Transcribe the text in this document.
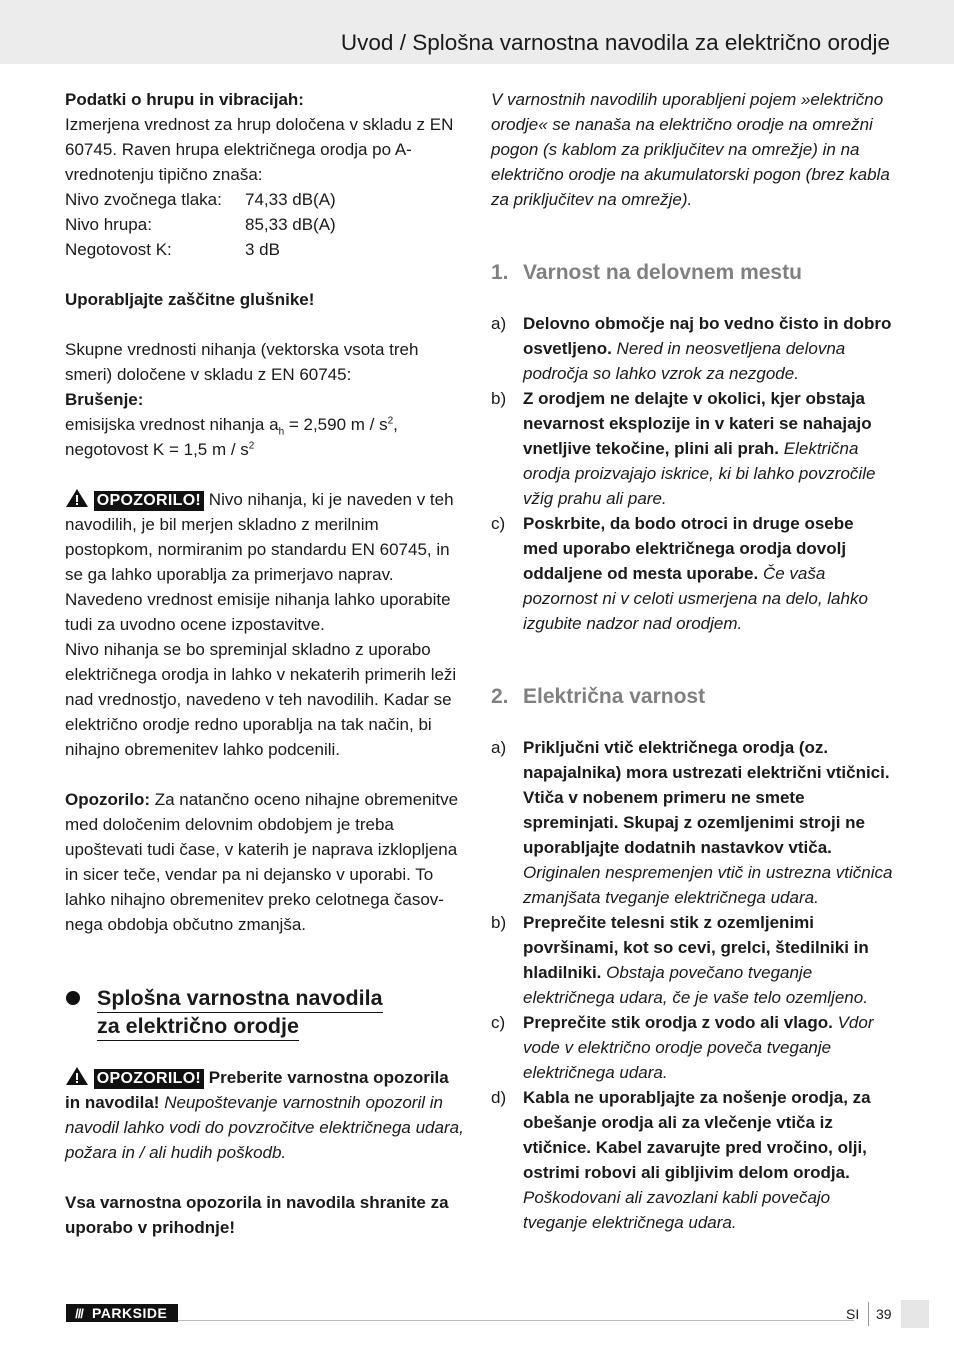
Uvod / Splošna varnostna navodila za električno orodje

Podatki o hrupu in vibracijah:

Izmerjena vrednost za hrup določena v skladu z EN 60745. Raven hrupa električnega orodja po A-vrednotenju tipično znaša:

Nivo zvočnega tlaka:	74,33 dB(A)
Nivo hrupa:	85,33 dB(A)
Negotovost K:	3 dB

Uporabljajte zaščitne glušnike!

Skupne vrednosti nihanja (vektorska vsota treh smeri) določene v skladu z EN 60745:

Brušenje:

emisijska vrednost nihanja $a_h = 2,590$ m / $s^2$,

negotovost K = 1,5 m / $s^2$

OPOZORILO! Nivo nihanja, ki je naveden v teh navodilih, je bil merjen skladno z merilnim postopkom, normiranim po standardu EN 60745, in se ga lahko uporablja za primerjavo naprav. Navedeno vrednost emisije nihanja lahko uporabite tudi za uvodno ocene izpostavitve.

Nivo nihanja se bo spreminjal skladno z uporabo električnega orodja in lahko v nekaterih primerih leži nad vrednostjo, navedeno v teh navodilih. Kadar se električno orodje redno uporablja na tak način, bi nihajno obremenitev lahko podcenili.

Opozorilo: Za natančno oceno nihajne obremenitve med določenim delovnim obdobjem je treba upoštevati tudi čase, v katerih je naprava izklopljena in sicer teče, vendar pa ni dejansko v uporabi. To lahko nihajno obremenitev preko celotnega časov-nega obdobja občutno zmanjša.

Splošna varnostna navodila
za električno orodje

OPOZORILO! Preberite varnostna opozorila in navodila! Neupoštevanje varnostnih opozoril in navodil lahko vodi do povzročitve električnega udara, požara in / ali hudih poškodb.

Vsa varnostna opozorila in navodila shranite za uporabo v prihodnje!

V varnostnih navodilih uporabljeni pojem »električno orodje« se nanaša na električno orodje na omrežni pogon (s kablom za priključitev na omrežje) in na električno orodje na akumulatorski pogon (brez kabla za priključitev na omrežje).

1. Varnost na delovnem mestu
a) Delovno območje naj bo vedno čisto in dobro osvetljeno. Nered in neosvetljena delovna področja so lahko vzrok za nezgode.
b) Z orodjem ne delajte v okolici, kjer obstaja nevarnost eksplozije in v kateri se nahajajo vnetljive tekočine, plini ali prah. Električna orodja proizvajajo iskrice, ki bi lahko povzročile vžig prahu ali pare.
c)	Poskrbite, da bodo otroci in druge osebe med uporabo električnega orodja dovolj oddaljene od mesta uporabe. Če vaša pozornost ni v celoti usmerjena na delo, lahko izgubite nadzor nad orodjem.
2. Električna varnost
a) Priključni vtič električnega orodja (oz. napajalnika) mora ustrezati električni vtičnici. Vtiča v nobenem primeru ne smete spreminjati. Skupaj z ozemljenimi stroji ne uporabljajte dodatnih nastavkov vtiča. Originalen nespremenjen vtič in ustrezna vtičnica zmanjšata tveganje električnega udara.
b) Preprečite telesni stik z ozemljenimi površinami, kot so cevi, grelci, štedilniki in hladilniki. Obstaja povečano tveganje električnega udara, če je vaše telo ozemljeno.
c)	Preprečite stik orodja z vodo ali vlago. Vdor vode v električno orodje poveča tveganje električnega udara.
d) Kabla ne uporabljajte za nošenje orodja, za obešanje orodja ali za vlečenje vtiča iz vtičnice. Kabel zavarujte pred vročino, olji, ostrimi robovi ali gibljivim delom orodja. Poškodovani ali zavozlani kabli povečajo tveganje električnega udara.
/// PARKSIDE	SI 39
